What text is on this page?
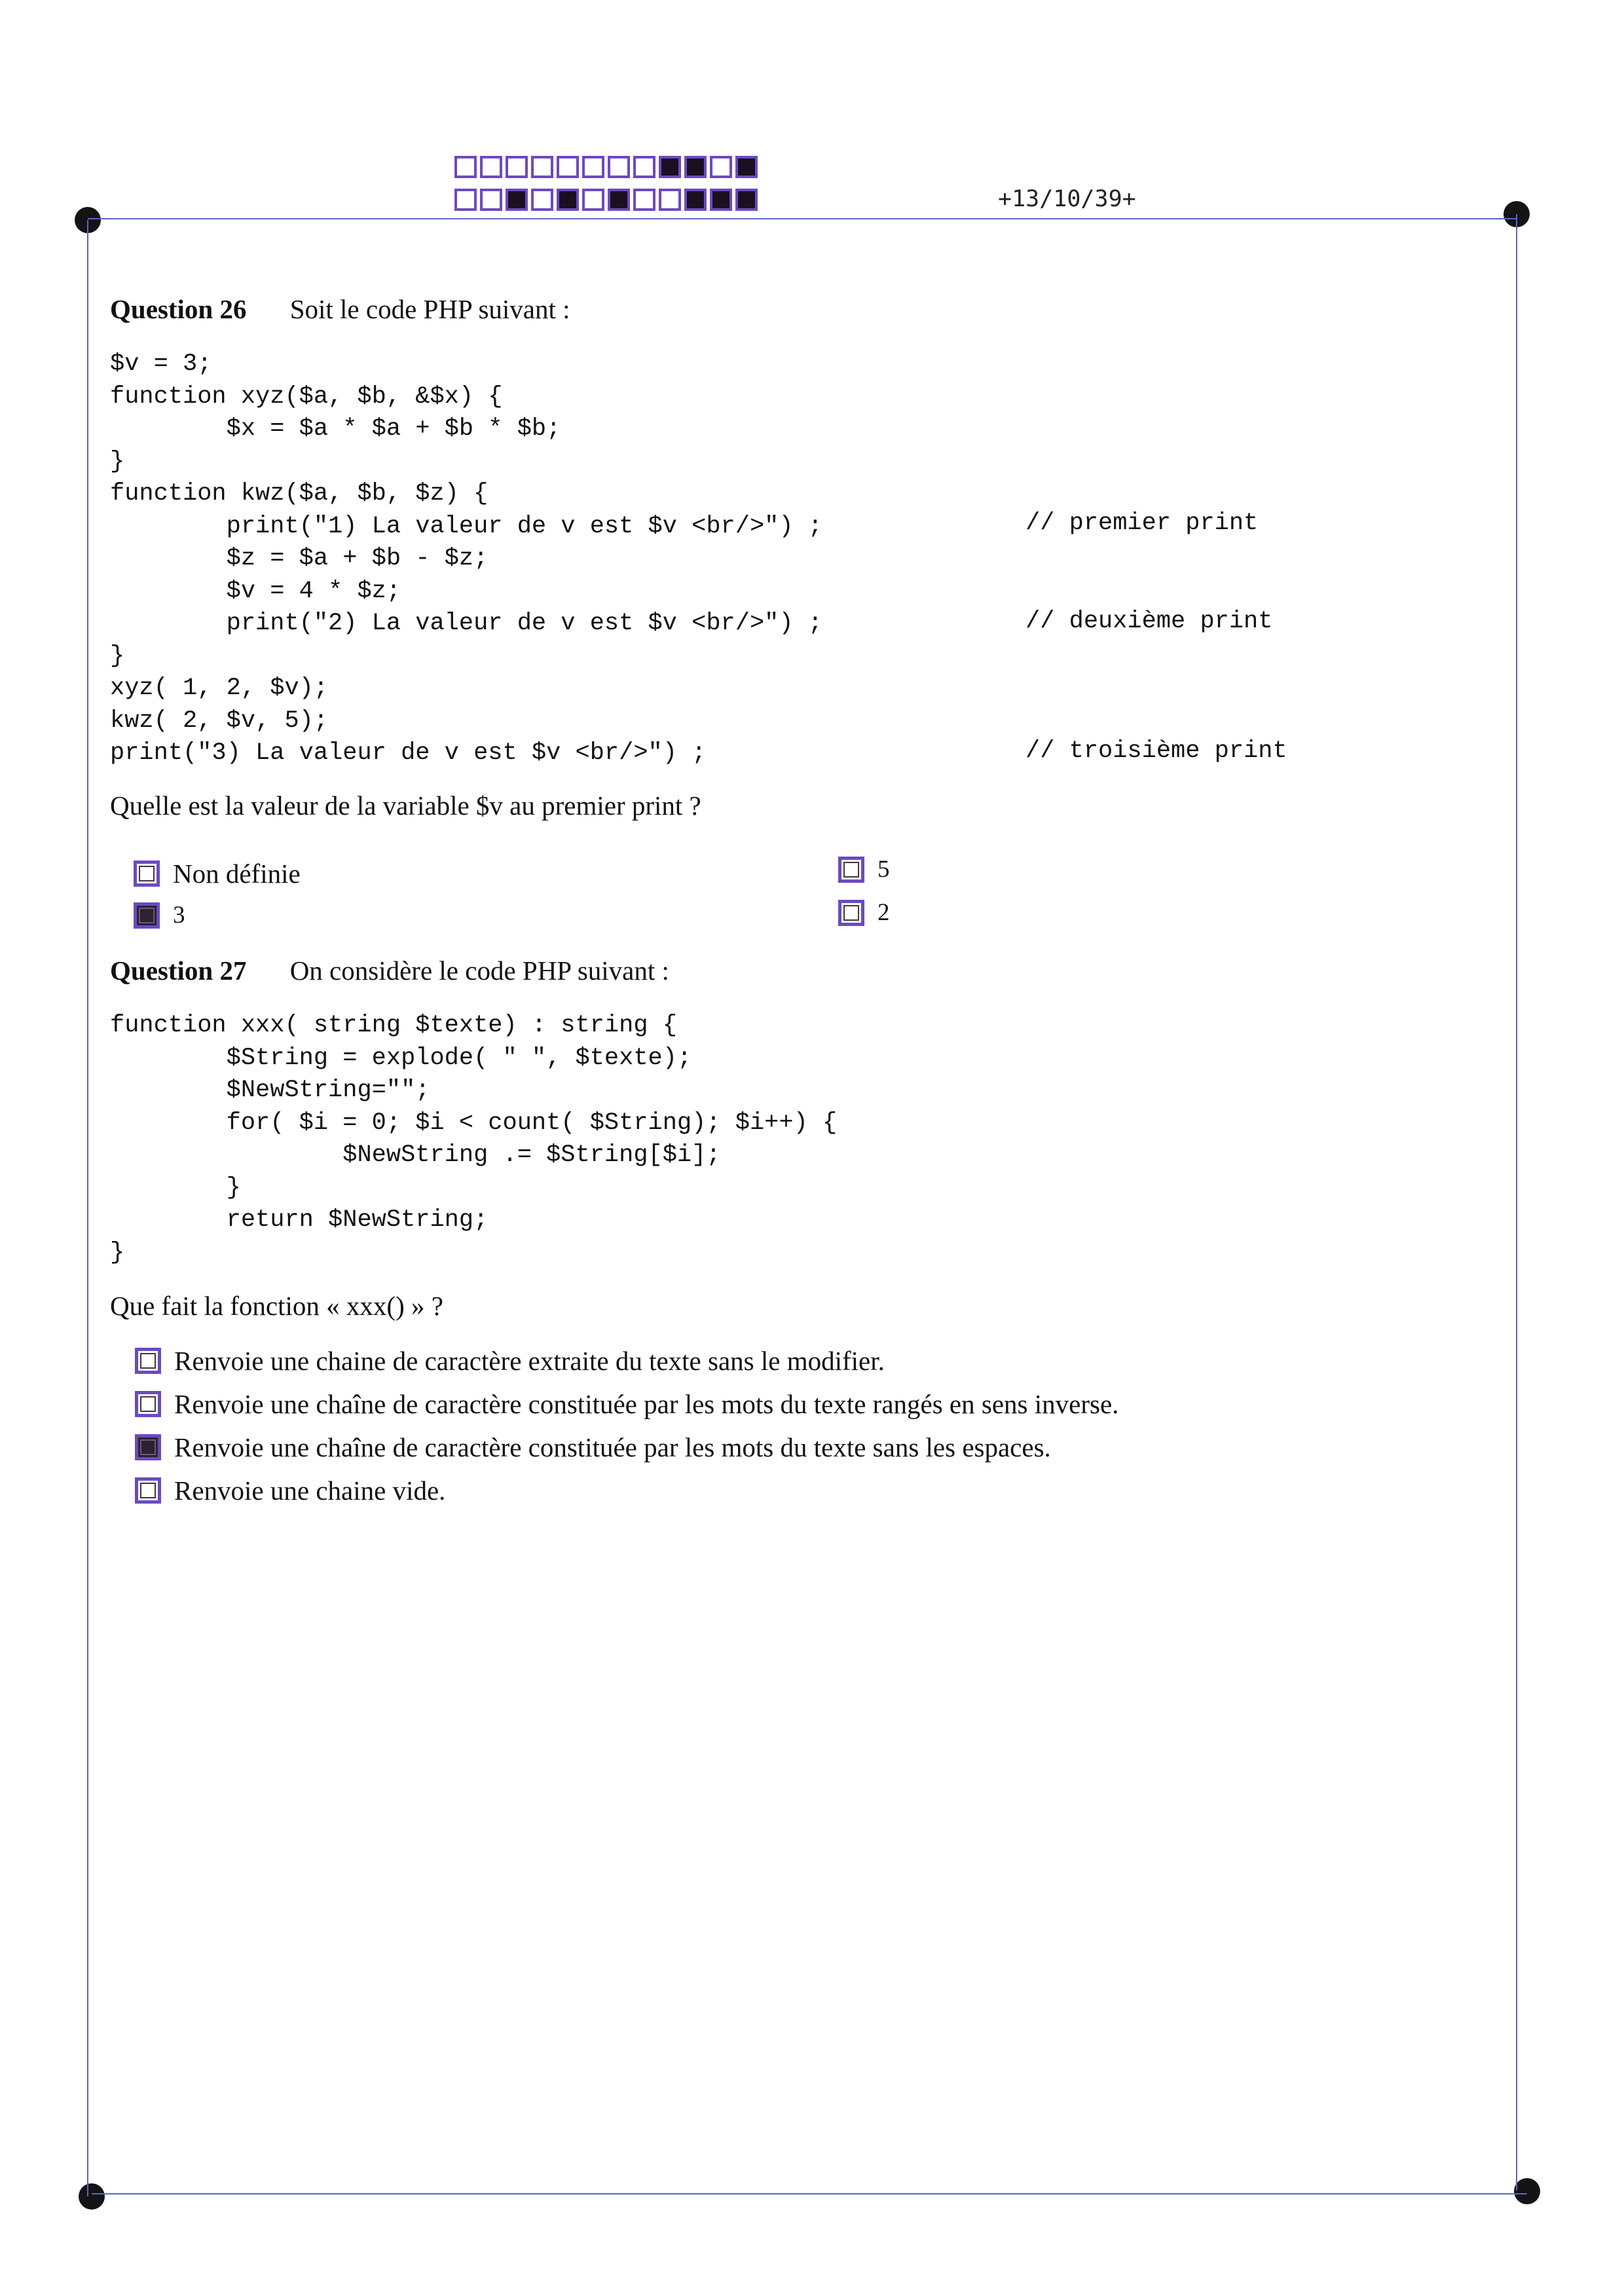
+13/10/39+
Question 26 Soit le code PHP suivant :
$v = 3;
function xyz($a, $b, &$x) {
$x = $a * $a + $b * $b;
}
function kwz($a, $b, $z) {
print("1) La valeur de v est $v <br/>") ;
$z = $a + $b - $z;
$v = 4 * $z;
print("2) La valeur de v est $v <br/>") ;
}
xyz( 1, 2, $v);
kwz( 2, $v, 5);
print("3) La valeur de v est $v <br/>") ;
// premier print
// deuxième print
// troisième print
Quelle est la valeur de la variable $v au premier print ?
Non définie
3
5
2
Question 27 On considère le code PHP suivant :
function xxx( string $texte) : string {
$String = explode( " ", $texte);
$NewString="";
for( $i = 0; $i < count( $String); $i++) {
$NewString .= $String[$i];
}
return $NewString;
}
Que fait la fonction « xxx() » ?
Renvoie une chaine de caractère extraite du texte sans le modifier.
Renvoie une chaîne de caractère constituée par les mots du texte rangés en sens inverse.
Renvoie une chaîne de caractère constituée par les mots du texte sans les espaces.
Renvoie une chaine vide.
